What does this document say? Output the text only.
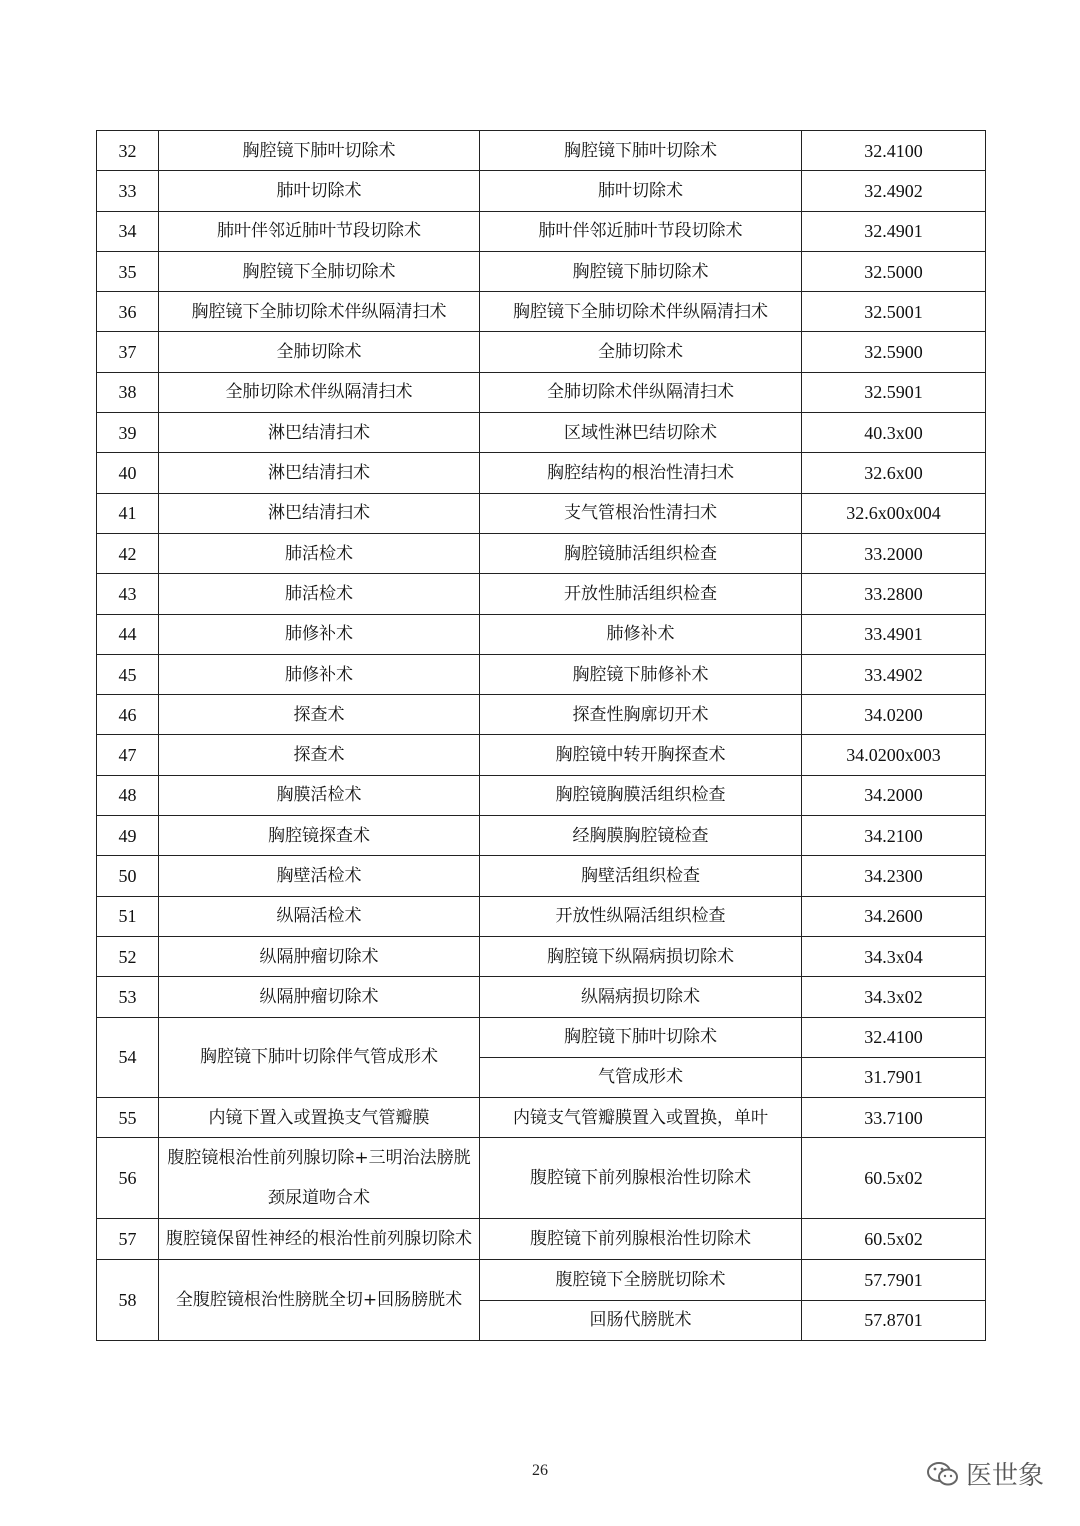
32	胸腔镜下肺叶切除术	胸腔镜下肺叶切除术	32.4100
33	肺叶切除术	肺叶切除术	32.4902
34	肺叶伴邻近肺叶节段切除术	肺叶伴邻近肺叶节段切除术	32.4901
35	胸腔镜下全肺切除术	胸腔镜下肺切除术	32.5000
36	胸腔镜下全肺切除术伴纵隔清扫术	胸腔镜下全肺切除术伴纵隔清扫术	32.5001
37	全肺切除术	全肺切除术	32.5900
38	全肺切除术伴纵隔清扫术	全肺切除术伴纵隔清扫术	32.5901
39	淋巴结清扫术	区域性淋巴结切除术	40.3x00
40	淋巴结清扫术	胸腔结构的根治性清扫术	32.6x00
41	淋巴结清扫术	支气管根治性清扫术	32.6x00x004
42	肺活检术	胸腔镜肺活组织检查	33.2000
43	肺活检术	开放性肺活组织检查	33.2800
44	肺修补术	肺修补术	33.4901
45	肺修补术	胸腔镜下肺修补术	33.4902
46	探查术	探查性胸廓切开术	34.0200
47	探查术	胸腔镜中转开胸探查术	34.0200x003
48	胸膜活检术	胸腔镜胸膜活组织检查	34.2000
49	胸腔镜探查术	经胸膜胸腔镜检查	34.2100
50	胸壁活检术	胸壁活组织检查	34.2300
51	纵隔活检术	开放性纵隔活组织检查	34.2600
52	纵隔肿瘤切除术	胸腔镜下纵隔病损切除术	34.3x04
53	纵隔肿瘤切除术	纵隔病损切除术	34.3x02
54	胸腔镜下肺叶切除伴气管成形术	胸腔镜下肺叶切除术	32.4100
		气管成形术	31.7901
55	内镜下置入或置换支气管瓣膜	内镜支气管瓣膜置入或置换，单叶	33.7100
56	腹腔镜根治性前列腺切除+三明治法膀胱颈尿道吻合术	腹腔镜下前列腺根治性切除术	60.5x02
57	腹腔镜保留性神经的根治性前列腺切除术	腹腔镜下前列腺根治性切除术	60.5x02
58	全腹腔镜根治性膀胱全切+回肠膀胱术	腹腔镜下全膀胱切除术	57.7901
		回肠代膀胱术	57.8701
26	医世象
